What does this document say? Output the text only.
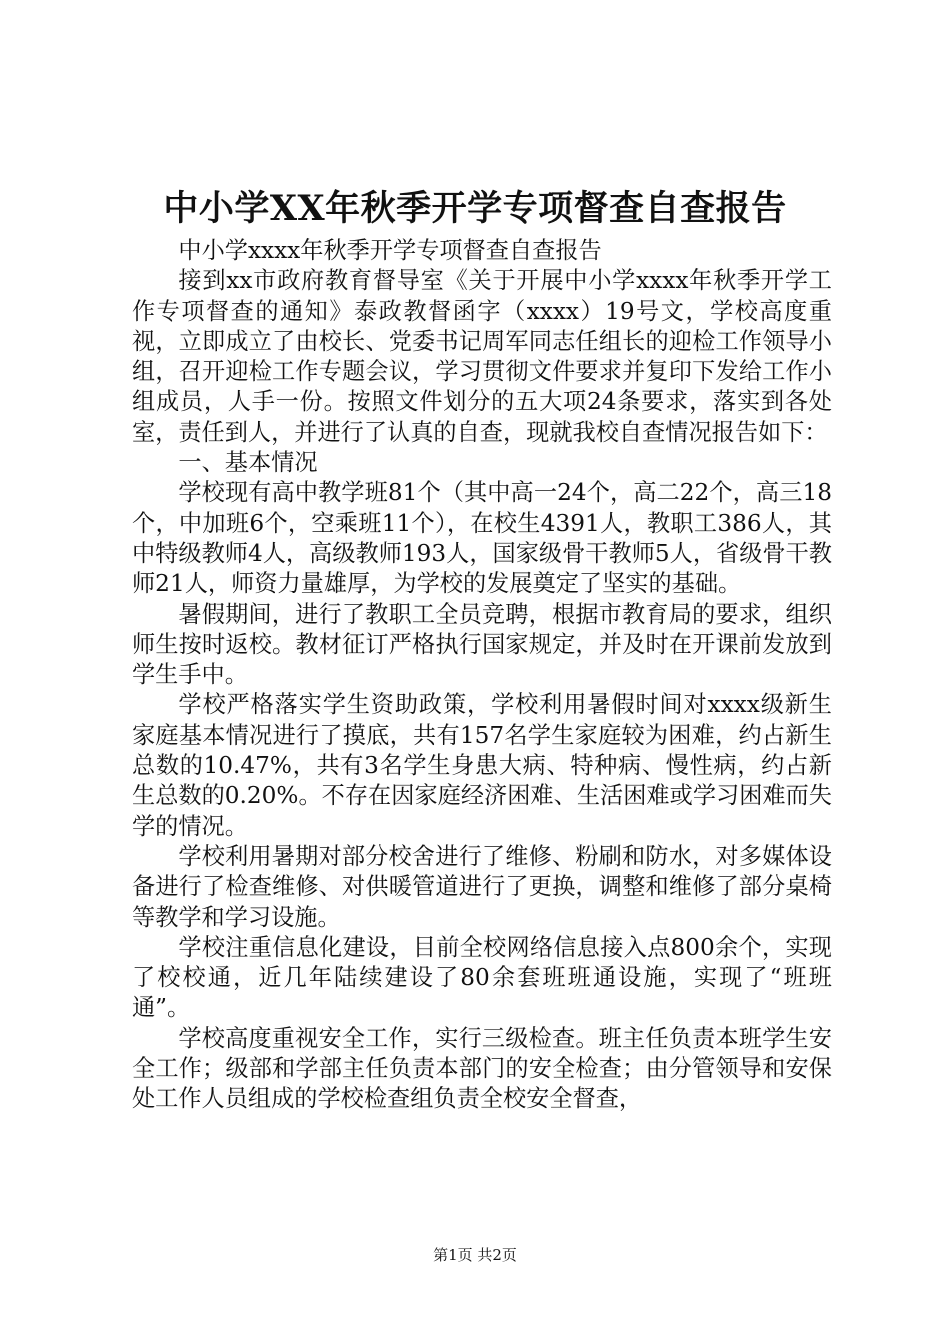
中小学XX年秋季开学专项督查自查报告

中小学xxxx年秋季开学专项督查自查报告

接到xx市政府教育督导室《关于开展中小学xxxx年秋季开学工作专项督查的通知》泰政教督函字（xxxx）19号文，学校高度重视，立即成立了由校长、党委书记周军同志任组长的迎检工作领导小组，召开迎检工作专题会议，学习贯彻文件要求并复印下发给工作小组成员，人手一份。按照文件划分的五大项24条要求，落实到各处室，责任到人，并进行了认真的自查，现就我校自查情况报告如下：

一、基本情况

学校现有高中教学班81个（其中高一24个，高二22个，高三18个，中加班6个，空乘班11个），在校生4391人，教职工386人，其中特级教师4人，高级教师193人，国家级骨干教师5人，省级骨干教师21人，师资力量雄厚，为学校的发展奠定了坚实的基础。

暑假期间，进行了教职工全员竞聘，根据市教育局的要求，组织师生按时返校。教材征订严格执行国家规定，并及时在开课前发放到学生手中。

学校严格落实学生资助政策，学校利用暑假时间对xxxx级新生家庭基本情况进行了摸底，共有157名学生家庭较为困难，约占新生总数的10.47%，共有3名学生身患大病、特种病、慢性病，约占新生总数的0.20%。不存在因家庭经济困难、生活困难或学习困难而失学的情况。

学校利用暑期对部分校舍进行了维修、粉刷和防水，对多媒体设备进行了检查维修、对供暖管道进行了更换，调整和维修了部分桌椅等教学和学习设施。

学校注重信息化建设，目前全校网络信息接入点800余个，实现了校校通，近几年陆续建设了80余套班班通设施，实现了“班班通”。

学校高度重视安全工作，实行三级检查。班主任负责本班学生安全工作；级部和学部主任负责本部门的安全检查；由分管领导和安保处工作人员组成的学校检查组负责全校安全督查，

第1页 共2页
